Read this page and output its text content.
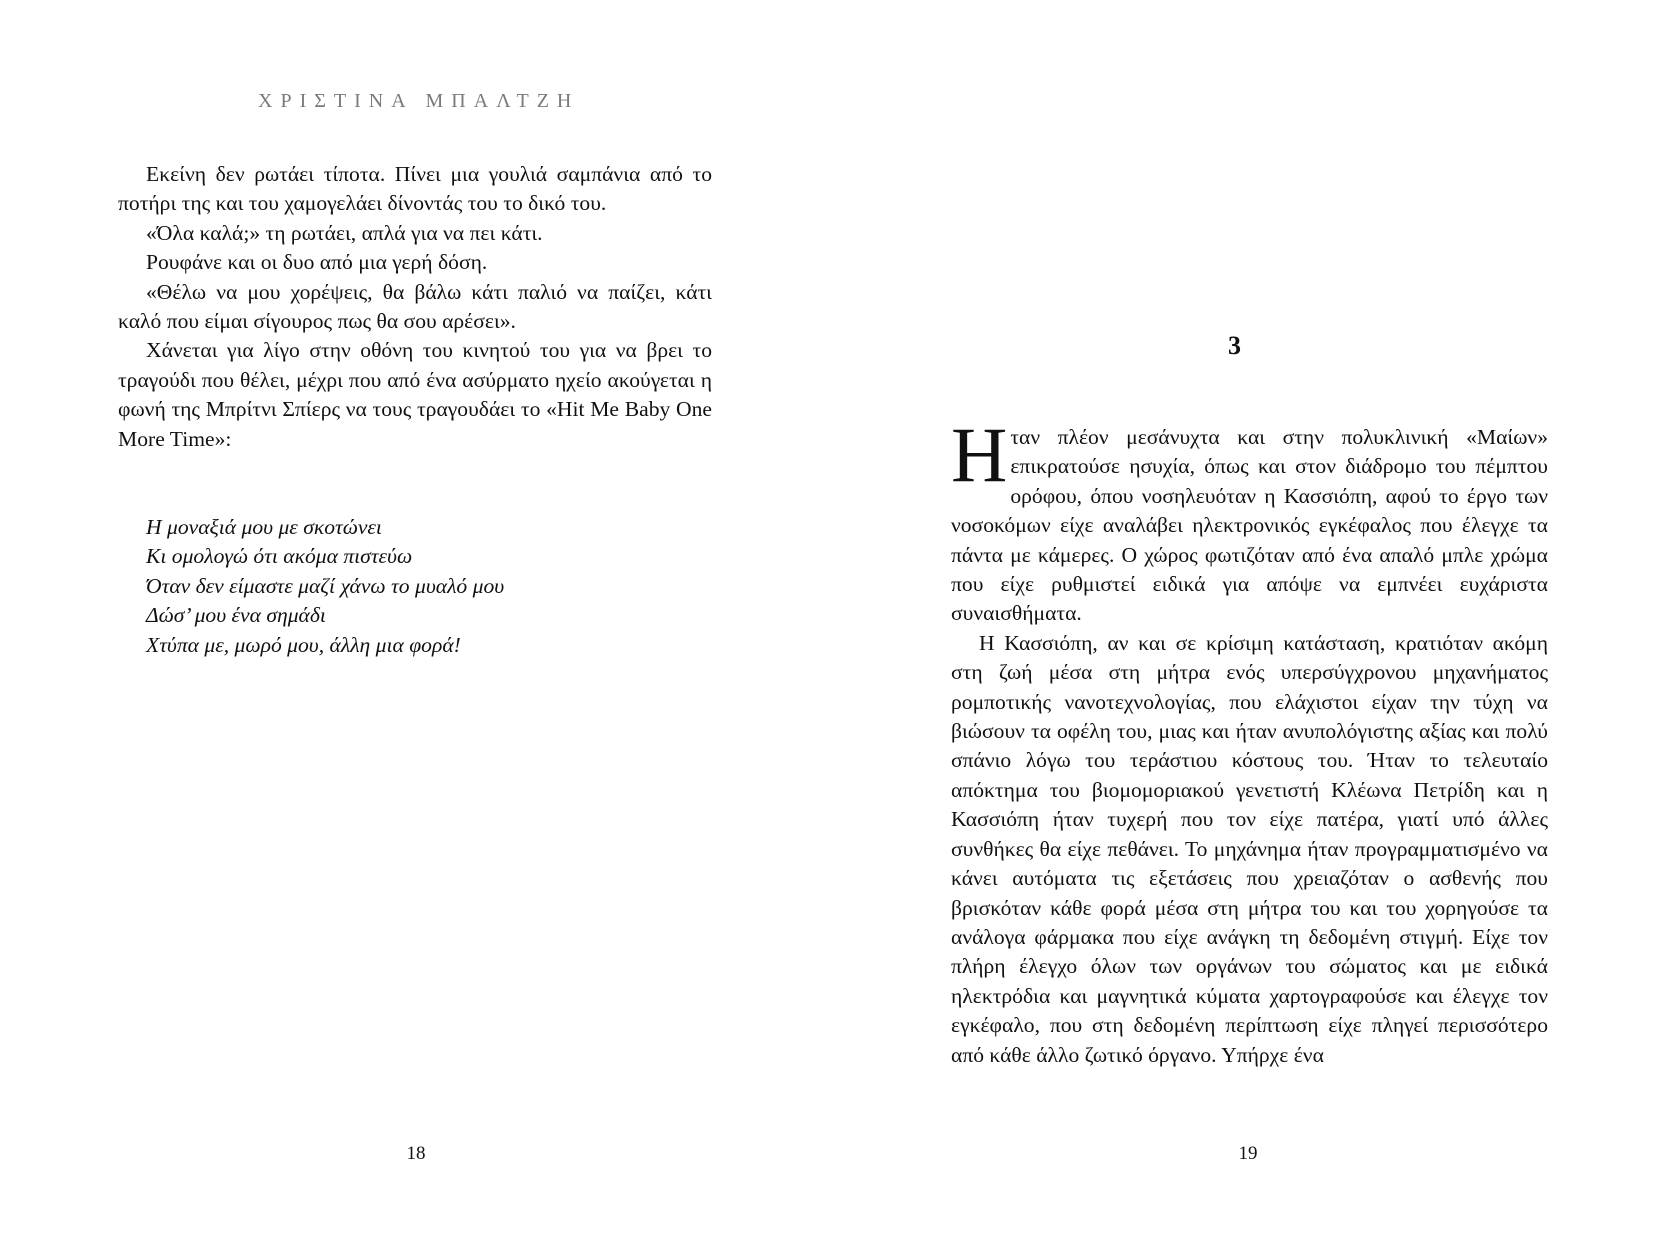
ΧΡΙΣΤΙΝΑ ΜΠΑΛΤΖΗ

Εκείνη δεν ρωτάει τίποτα. Πίνει μια γουλιά σαμπάνια από το ποτήρι της και του χαμογελάει δίνοντάς του το δικό του.

«Όλα καλά;» τη ρωτάει, απλά για να πει κάτι.

Ρουφάνε και οι δυο από μια γερή δόση.

«Θέλω να μου χορέψεις, θα βάλω κάτι παλιό να παίζει, κάτι καλό που είμαι σίγουρος πως θα σου αρέσει».

Χάνεται για λίγο στην οθόνη του κινητού του για να βρει το τραγούδι που θέλει, μέχρι που από ένα ασύρματο ηχείο ακούγεται η φωνή της Μπρίτνι Σπίερς να τους τραγουδάει το «Hit Me Baby One More Time»:

Η μοναξιά μου με σκοτώνει
Κι ομολογώ ότι ακόμα πιστεύω
Όταν δεν είμαστε μαζί χάνω το μυαλό μου
Δώσ’ μου ένα σημάδι
Χτύπα με, μωρό μου, άλλη μια φορά!
18
3

Ηταν πλέον μεσάνυχτα και στην πολυκλινική «Μαίων» επικρατούσε ησυχία, όπως και στον διάδρομο του πέμπτου ορόφου, όπου νοσηλευόταν η Κασσιόπη, αφού το έργο των νοσοκόμων είχε αναλάβει ηλεκτρονικός εγκέφαλος που έλεγχε τα πάντα με κάμερες. Ο χώρος φωτιζόταν από ένα απαλό μπλε χρώμα που είχε ρυθμιστεί ειδικά για απόψε να εμπνέει ευχάριστα συναισθήματα.

Η Κασσιόπη, αν και σε κρίσιμη κατάσταση, κρατιόταν ακόμη στη ζωή μέσα στη μήτρα ενός υπερσύγχρονου μηχανήματος ρομποτικής νανοτεχνολογίας, που ελάχιστοι είχαν την τύχη να βιώσουν τα οφέλη του, μιας και ήταν ανυπολόγιστης αξίας και πολύ σπάνιο λόγω του τεράστιου κόστους του. Ήταν το τελευταίο απόκτημα του βιομομοριακού γενετιστή Κλέωνα Πετρίδη και η Κασσιόπη ήταν τυχερή που τον είχε πατέρα, γιατί υπό άλλες συνθήκες θα είχε πεθάνει. Το μηχάνημα ήταν προγραμματισμένο να κάνει αυτόματα τις εξετάσεις που χρειαζόταν ο ασθενής που βρισκόταν κάθε φορά μέσα στη μήτρα του και του χορηγούσε τα ανάλογα φάρμακα που είχε ανάγκη τη δεδομένη στιγμή. Είχε τον πλήρη έλεγχο όλων των οργάνων του σώματος και με ειδικά ηλεκτρόδια και μαγνητικά κύματα χαρτογραφούσε και έλεγχε τον εγκέφαλο, που στη δεδομένη περίπτωση είχε πληγεί περισσότερο από κάθε άλλο ζωτικό όργανο. Υπήρχε ένα

19
